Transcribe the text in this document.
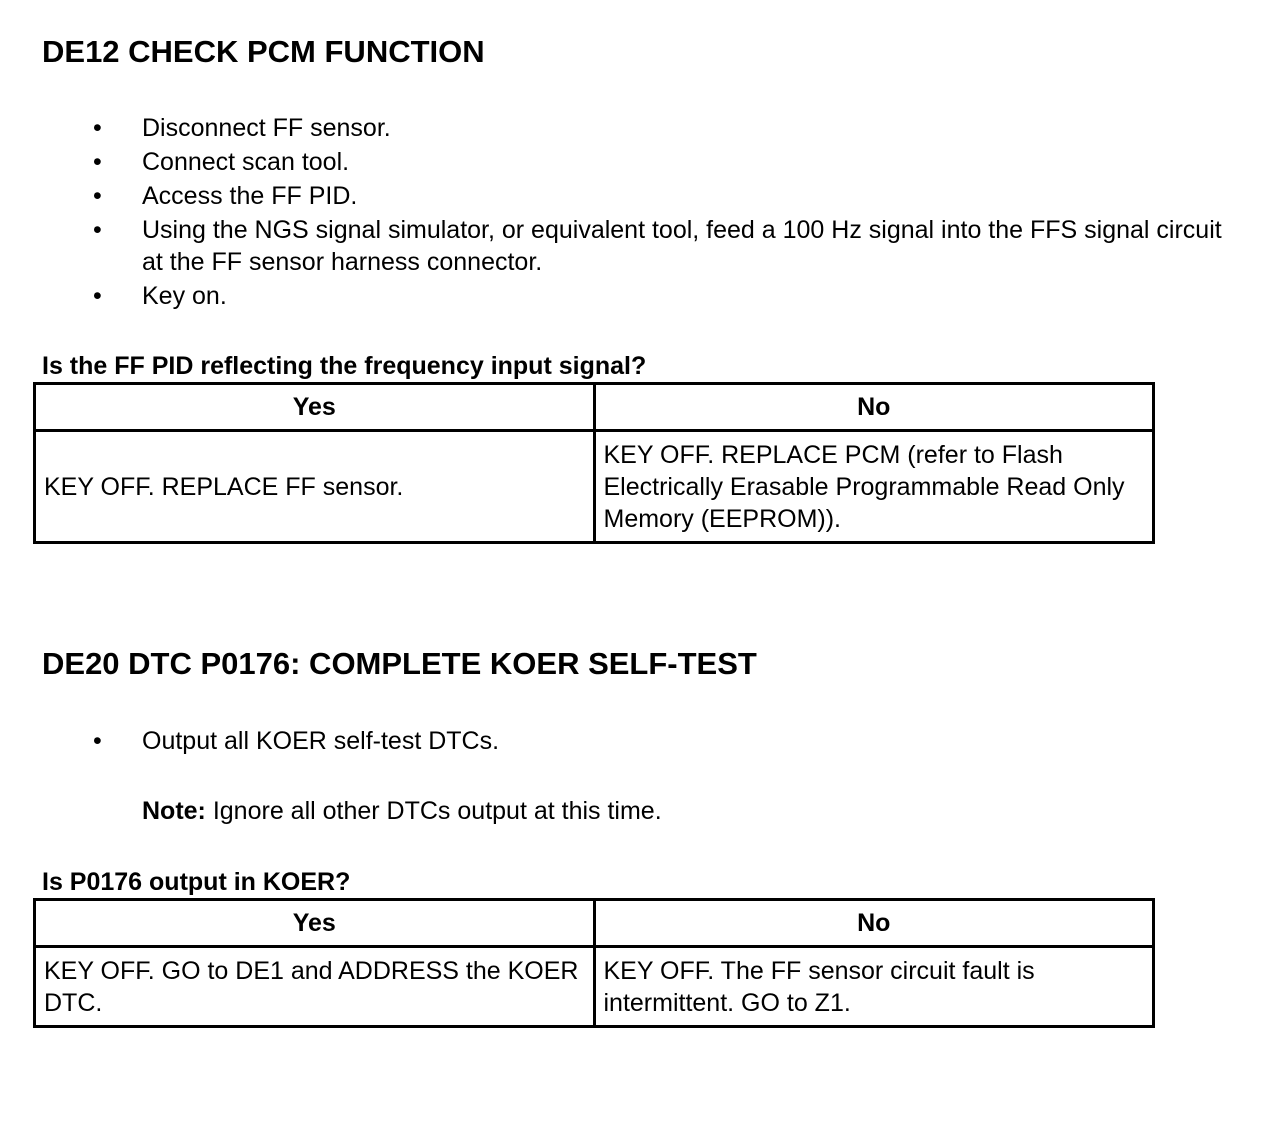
DE12 CHECK PCM FUNCTION
• Disconnect FF sensor.
• Connect scan tool.
• Access the FF PID.
• Using the NGS signal simulator, or equivalent tool, feed a 100 Hz signal into the FFS signal circuit at the FF sensor harness connector.
• Key on.
Is the FF PID reflecting the frequency input signal?
Yes	No
KEY OFF. REPLACE FF sensor.	KEY OFF. REPLACE PCM (refer to Flash Electrically Erasable Programmable Read Only Memory (EEPROM)).
DE20 DTC P0176: COMPLETE KOER SELF-TEST
• Output all KOER self-test DTCs.
Note: Ignore all other DTCs output at this time.
Is P0176 output in KOER?
Yes	No
KEY OFF. GO to DE1 and ADDRESS the KOER DTC.	KEY OFF. The FF sensor circuit fault is intermittent. GO to Z1.
